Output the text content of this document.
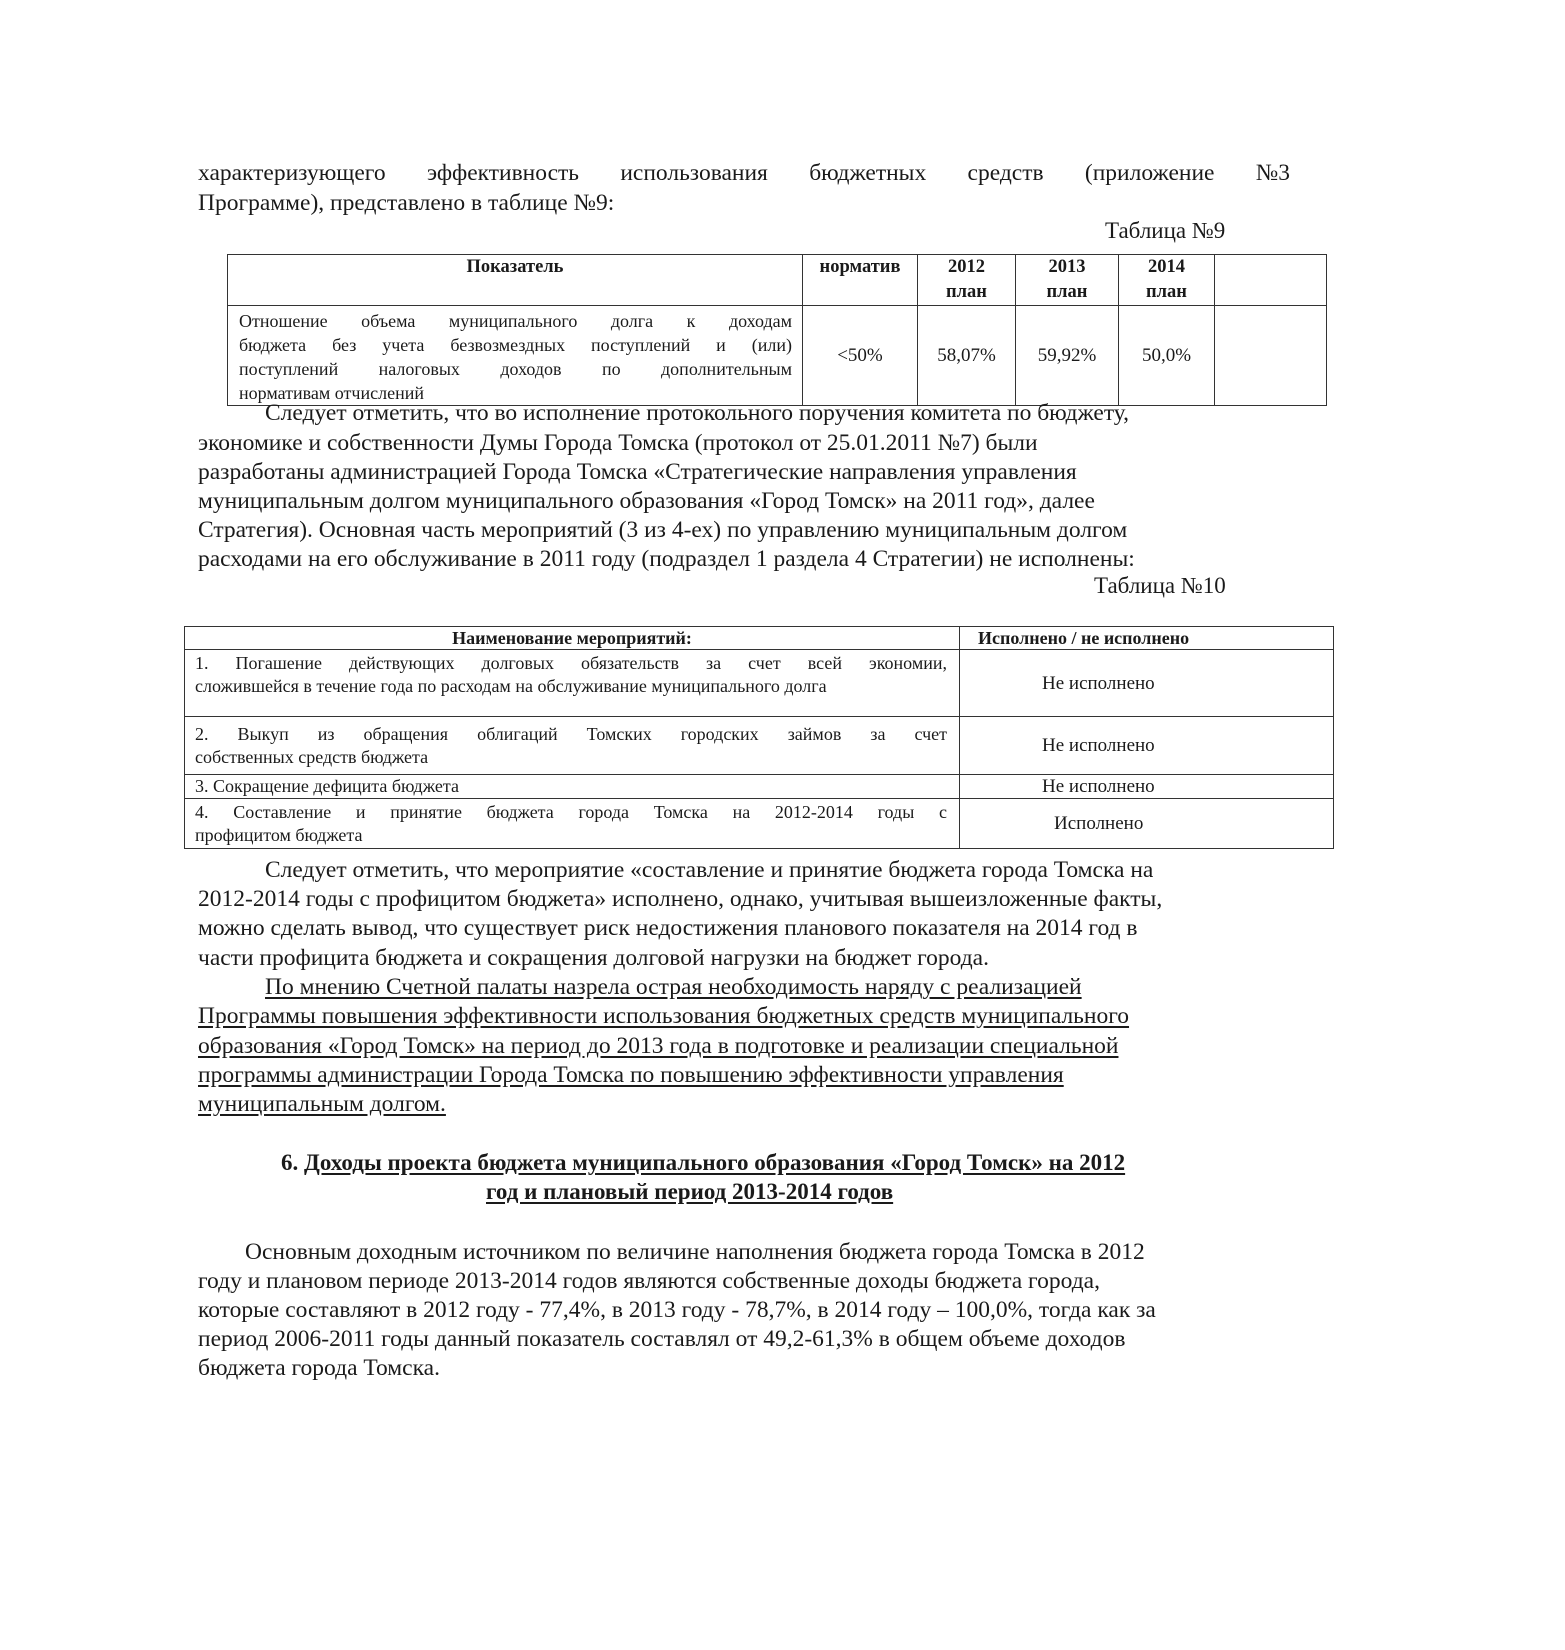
характеризующего эффективность использования бюджетных средств (приложение №3
Программе), представлено в таблице №9:
Таблица №9
Показатель	норматив	2012
план	2013
план	2014
план	

Отношение объема муниципального долга к доходам
бюджета без учета безвозмездных поступлений и (или)
поступлений налоговых доходов по дополнительным
нормативам отчислений	<50%	58,07%	59,92%	50,0%	
Следует отметить, что во исполнение протокольного поручения комитета по бюджету,
экономике и собственности Думы Города Томска (протокол от 25.01.2011 №7) были
разработаны администрацией Города Томска «Стратегические направления управления
муниципальным долгом муниципального образования «Город Томск» на 2011 год», далее
Стратегия). Основная часть мероприятий (3 из 4-ех) по управлению муниципальным долгом
расходами на его обслуживание в 2011 году (подраздел 1 раздела 4 Стратегии) не исполнены:
Таблица №10
Наименование мероприятий:	Исполнено / не исполнено

1. Погашение действующих долговых обязательств за счет всей экономии,
сложившейся в течение года по расходам на обслуживание муниципального долга	Не исполнено

2. Выкуп из обращения облигаций Томских городских займов за счет
собственных средств бюджета	Не исполнено

3. Сокращение дефицита бюджета	Не исполнено

4. Составление и принятие бюджета города Томска на 2012-2014 годы с
профицитом бюджета	Исполнено
Следует отметить, что мероприятие «составление и принятие бюджета города Томска на
2012-2014 годы с профицитом бюджета» исполнено, однако, учитывая вышеизложенные факты,
можно сделать вывод, что существует риск недостижения планового показателя на 2014 год в
части профицита бюджета и сокращения долговой нагрузки на бюджет города.
По мнению Счетной палаты назрела острая необходимость наряду с реализацией
Программы повышения эффективности использования бюджетных средств муниципального
образования «Город Томск» на период до 2013 года в подготовке и реализации специальной
программы администрации Города Томска по повышению эффективности управления
муниципальным долгом.
6. Доходы проекта бюджета муниципального образования «Город Томск» на 2012
год и плановый период 2013-2014 годов
Основным доходным источником по величине наполнения бюджета города Томска в 2012
году и плановом периоде 2013-2014 годов являются собственные доходы бюджета города,
которые составляют в 2012 году - 77,4%, в 2013 году - 78,7%, в 2014 году – 100,0%, тогда как за
период 2006-2011 годы данный показатель составлял от 49,2-61,3% в общем объеме доходов
бюджета города Томска.
